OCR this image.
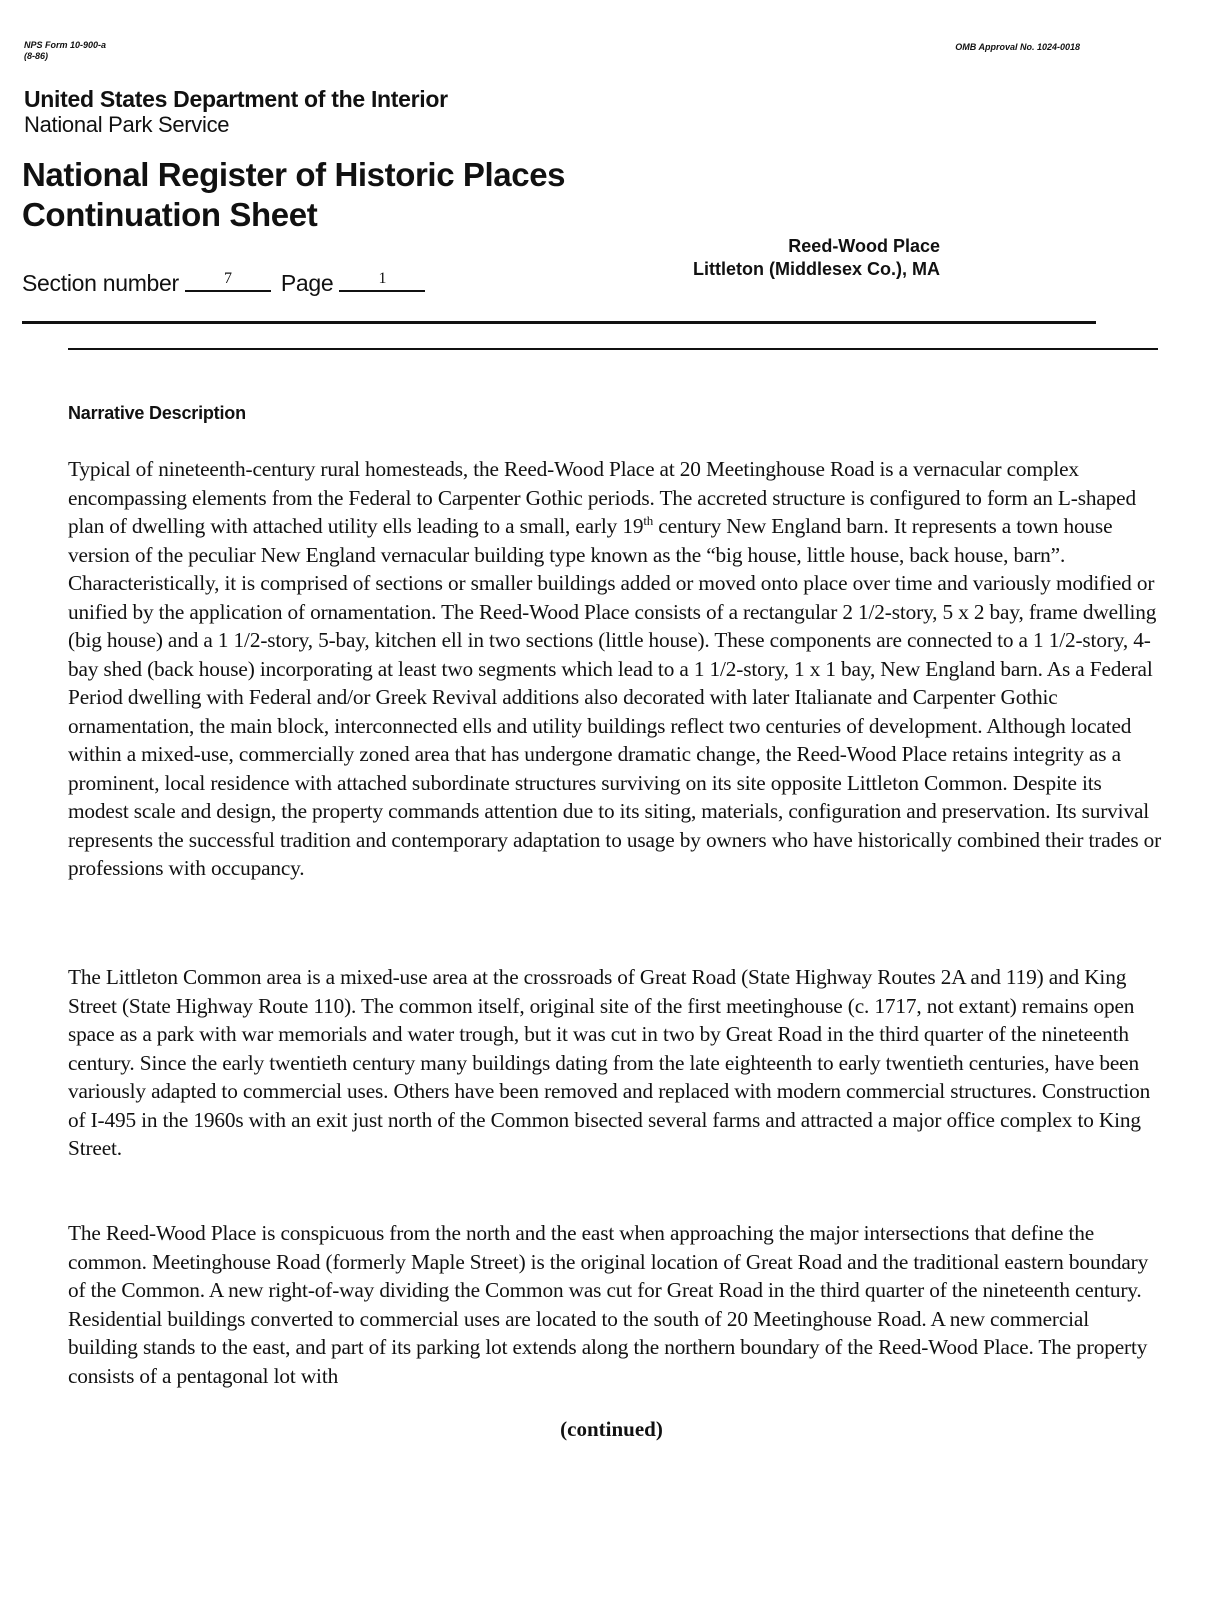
NPS Form 10-900-a
(8-86)
OMB Approval No. 1024-0018
United States Department of the Interior
National Park Service
National Register of Historic Places
Continuation Sheet
Reed-Wood Place
Littleton (Middlesex Co.), MA
Section number	7	Page	1
Narrative Description
Typical of nineteenth-century rural homesteads, the Reed-Wood Place at 20 Meetinghouse Road is a vernacular complex encompassing elements from the Federal to Carpenter Gothic periods. The accreted structure is configured to form an L-shaped plan of dwelling with attached utility ells leading to a small, early 19th century New England barn. It represents a town house version of the peculiar New England vernacular building type known as the “big house, little house, back house, barn”. Characteristically, it is comprised of sections or smaller buildings added or moved onto place over time and variously modified or unified by the application of ornamentation. The Reed-Wood Place consists of a rectangular 2 1/2-story, 5 x 2 bay, frame dwelling (big house) and a 1 1/2-story, 5-bay, kitchen ell in two sections (little house). These components are connected to a 1 1/2-story, 4-bay shed (back house) incorporating at least two segments which lead to a 1 1/2-story, 1 x 1 bay, New England barn. As a Federal Period dwelling with Federal and/or Greek Revival additions also decorated with later Italianate and Carpenter Gothic ornamentation, the main block, interconnected ells and utility buildings reflect two centuries of development. Although located within a mixed-use, commercially zoned area that has undergone dramatic change, the Reed-Wood Place retains integrity as a prominent, local residence with attached subordinate structures surviving on its site opposite Littleton Common. Despite its modest scale and design, the property commands attention due to its siting, materials, configuration and preservation. Its survival represents the successful tradition and contemporary adaptation to usage by owners who have historically combined their trades or professions with occupancy.
The Littleton Common area is a mixed-use area at the crossroads of Great Road (State Highway Routes 2A and 119) and King Street (State Highway Route 110). The common itself, original site of the first meetinghouse (c. 1717, not extant) remains open space as a park with war memorials and water trough, but it was cut in two by Great Road in the third quarter of the nineteenth century. Since the early twentieth century many buildings dating from the late eighteenth to early twentieth centuries, have been variously adapted to commercial uses. Others have been removed and replaced with modern commercial structures. Construction of I-495 in the 1960s with an exit just north of the Common bisected several farms and attracted a major office complex to King Street.
The Reed-Wood Place is conspicuous from the north and the east when approaching the major intersections that define the common. Meetinghouse Road (formerly Maple Street) is the original location of Great Road and the traditional eastern boundary of the Common. A new right-of-way dividing the Common was cut for Great Road in the third quarter of the nineteenth century. Residential buildings converted to commercial uses are located to the south of 20 Meetinghouse Road. A new commercial building stands to the east, and part of its parking lot extends along the northern boundary of the Reed-Wood Place. The property consists of a pentagonal lot with
(continued)
